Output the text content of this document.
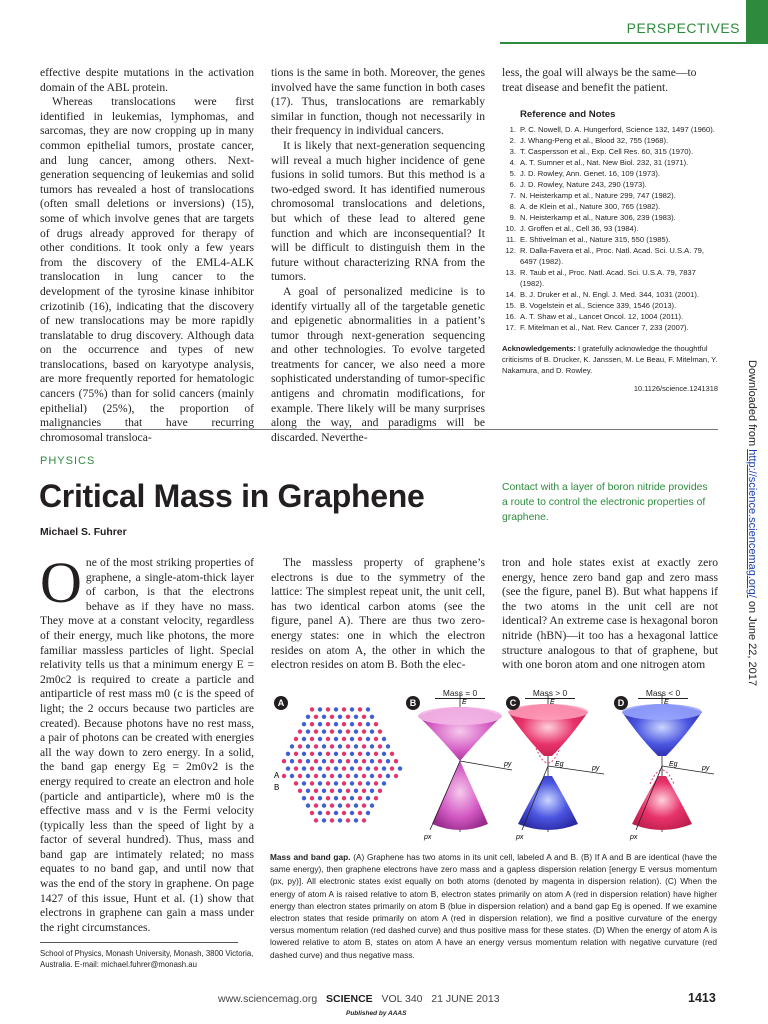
PERSPECTIVES

effective despite mutations in the activation domain of the ABL protein.

Whereas translocations were first identified in leukemias, lymphomas, and sarcomas, they are now cropping up in many common epithelial tumors, prostate cancer, and lung cancer, among others. Next-generation sequencing of leukemias and solid tumors has revealed a host of translocations (often small deletions or inversions) (15), some of which involve genes that are targets of drugs already approved for therapy of other conditions. It took only a few years from the discovery of the EML4-ALK translocation in lung cancer to the development of the tyrosine kinase inhibitor crizotinib (16), indicating that the discovery of new translocations may be more rapidly translatable to drug discovery. Although data on the occurrence and types of new translocations, based on karyotype analysis, are more frequently reported for hematologic cancers (75%) than for solid cancers (mainly epithelial) (25%), the proportion of malignancies that have recurring chromosomal transloca-

tions is the same in both. Moreover, the genes involved have the same function in both cases (17). Thus, translocations are remarkably similar in function, though not necessarily in their frequency in individual cancers.

It is likely that next-generation sequencing will reveal a much higher incidence of gene fusions in solid tumors. But this method is a two-edged sword. It has identified numerous chromosomal translocations and deletions, but which of these lead to altered gene function and which are inconsequential? It will be difficult to distinguish them in the future without characterizing RNA from the tumors.

A goal of personalized medicine is to identify virtually all of the targetable genetic and epigenetic abnormalities in a patient’s tumor through next-generation sequencing and other technologies. To evolve targeted treatments for cancer, we also need a more sophisticated understanding of tumor-specific antigens and chromatin modifications, for example. There likely will be many surprises along the way, and paradigms will be discarded. Neverthe-

less, the goal will always be the same—to treat disease and benefit the patient.
Reference and Notes
1. P. C. Nowell, D. A. Hungerford, Science 132, 1497 (1960).
2. J. Whang-Peng et al., Blood 32, 755 (1968).
3. T. Caspersson et al., Exp. Cell Res. 60, 315 (1970).
4. A. T. Sumner et al., Nat. New Biol. 232, 31 (1971).
5. J. D. Rowley, Ann. Genet. 16, 109 (1973).
6. J. D. Rowley, Nature 243, 290 (1973).
7. N. Heisterkamp et al., Nature 299, 747 (1982).
8. A. de Klein et al., Nature 300, 765 (1982).
9. N. Heisterkamp et al., Nature 306, 239 (1983).
10. J. Groffen et al., Cell 36, 93 (1984).
11. E. Shtivelman et al., Nature 315, 550 (1985).
12. R. Dalla-Favera et al., Proc. Natl. Acad. Sci. U.S.A. 79, 6497 (1982).
13. R. Taub et al., Proc. Natl. Acad. Sci. U.S.A. 79, 7837 (1982).
14. B. J. Druker et al., N. Engl. J. Med. 344, 1031 (2001).
15. B. Vogelstein et al., Science 339, 1546 (2013).
16. A. T. Shaw et al., Lancet Oncol. 12, 1004 (2011).
17. F. Mitelman et al., Nat. Rev. Cancer 7, 233 (2007).
Acknowledgements: I gratefully acknowledge the thoughtful criticisms of B. Drucker, K. Janssen, M. Le Beau, F. Mitelman, Y. Nakamura, and D. Rowley.
10.1126/science.1241318
PHYSICS
Critical Mass in Graphene	Contact with a layer of boron nitride provides a route to control the electronic properties of graphene.
Michael S. Fuhrer

One of the most striking properties of graphene, a single-atom-thick layer of carbon, is that the electrons behave as if they have no mass. They move at a constant velocity, regardless of their energy, much like photons, the more familiar massless particles of light. Special relativity tells us that a minimum energy E = 2m0c2 is required to create a particle and antiparticle of rest mass m0 (c is the speed of light; the 2 occurs because two particles are created). Because photons have no rest mass, a pair of photons can be created with energies all the way down to zero energy. In a solid, the band gap energy Eg = 2m0v2 is the energy required to create an electron and hole (particle and antiparticle), where m0 is the effective mass and v is the Fermi velocity (typically less than the speed of light by a factor of several hundred). Thus, mass and band gap are intimately related; no mass equates to no band gap, and until now that was the end of the story in graphene. On page 1427 of this issue, Hunt et al. (1) show that electrons in graphene can gain a mass under the right circumstances.

The massless property of graphene’s electrons is due to the symmetry of the lattice: The simplest repeat unit, the unit cell, has two identical carbon atoms (see the figure, panel A). There are thus two zero-energy states: one in which the electron resides on atom A, the other in which the electron resides on atom B. Both the elec-

tron and hole states exist at exactly zero energy, hence zero band gap and zero mass (see the figure, panel B). But what happens if the two atoms in the unit cell are not identical? An extreme case is hexagonal boron nitride (hBN)—it too has a hexagonal lattice structure analogous to that of graphene, but with one boron atom and one nitrogen atom

A
B
E
py
px
E
Eg
py
px
E
Eg
py
px
A	B	C	D
Mass = 0	Mass > 0	Mass < 0
Mass and band gap. (A) Graphene has two atoms in its unit cell, labeled A and B. (B) If A and B are identical (have the same energy), then graphene electrons have zero mass and a gapless dispersion relation [energy E versus momentum (px, py)]. All electronic states exist equally on both atoms (denoted by magenta in dispersion relation). (C) When the energy of atom A is raised relative to atom B, electron states primarily on atom A (red in dispersion relation) have higher energy than electron states primarily on atom B (blue in dispersion relation) and a band gap Eg is opened. If we examine electron states that reside primarily on atom A (red in dispersion relation), we find a positive curvature of the energy versus momentum relation (red dashed curve) and thus positive mass for these states. (D) When the energy of atom A is lowered relative to atom B, states on atom A have an energy versus momentum relation with negative curvature (red dashed curve) and thus negative mass.
School of Physics, Monash University, Monash, 3800 Victoria, Australia. E-mail: michael.fuhrer@monash.au
Downloaded from http://science.sciencemag.org/ on June 22, 2017
www.sciencemag.org SCIENCE VOL 340 21 JUNE 2013	1413
Published by AAAS
